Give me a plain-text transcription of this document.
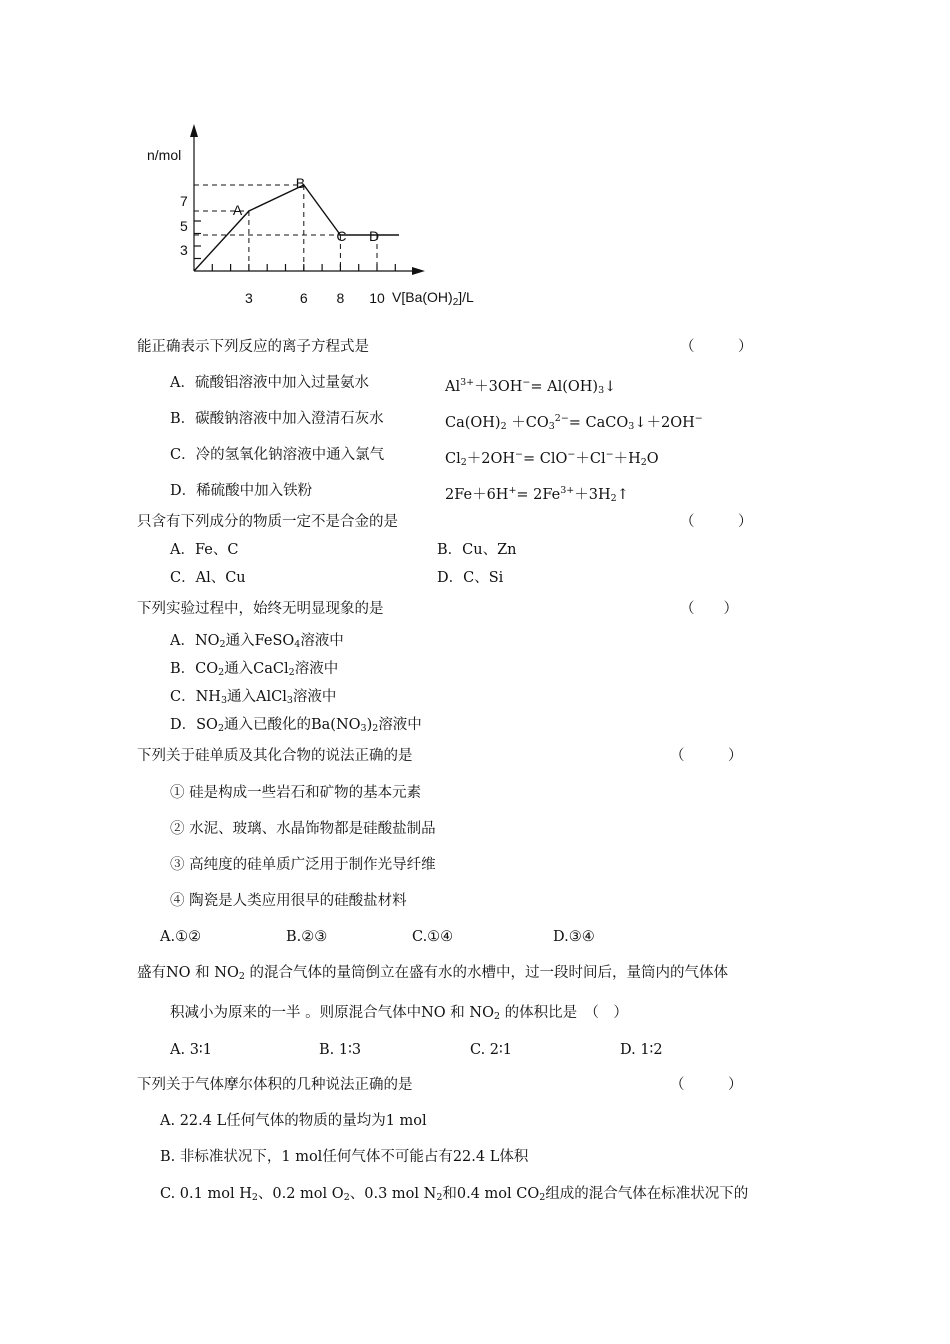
A
B
C D
3	6 8 10
3
5
7
n/mol
$V[Ba(OH)_2]/L$
能正确表示下列反应的离子方程式是	（　　　）
A．硫酸铝溶液中加入过量氨水	$Al^{3+}+3OH^-=$ $Al(OH)_3↓$
B．碳酸钠溶液中加入澄清石灰水	$Ca(OH)_2 +CO_3^{2-}=$ CaCO$_3$↓＋2OH−
C．冷的氢氧化钠溶液中通入氯气	$Cl_2+2OH^-= ClO^-+Cl^-+H_2O$
D．稀硫酸中加入铁粉	$2Fe+6H^+= 2Fe^{3+}+3H_2↑$
只含有下列成分的物质一定不是合金的是	（　　　）
A．Fe、C	B．Cu、Zn
C．Al、Cu	D．C、Si
下列实验过程中，始终无明显现象的是	（　　）
A．$NO_2$通入FeSO$_4$溶液中
B．$CO_2$通入CaCl$_2$溶液中
C．$NH_3$通入AlCl$_3$溶液中
D．$SO_2$通入已酸化的$Ba(NO_3)_2$溶液中
下列关于硅单质及其化合物的说法正确的是	（　　　）
① 硅是构成一些岩石和矿物的基本元素
② 水泥、玻璃、水晶饰物都是硅酸盐制品
③ 高纯度的硅单质广泛用于制作光导纤维
④ 陶瓷是人类应用很早的硅酸盐材料
A.①②	B.②③	C.①④	D.③④
盛有NO 和 $NO_2$ 的混合气体的量筒倒立在盛有水的水槽中，过一段时间后，量筒内的气体体
积减小为原来的一半 。则原混合气体中NO 和 $NO_2$ 的体积比是　（　）
A. 3∶1	B. 1∶3	C. 2∶1	D. 1∶2
下列关于气体摩尔体积的几种说法正确的是	（　　　）
A. 22.4 L任何气体的物质的量均为1 mol
B. 非标准状况下，1 mol任何气体不可能占有22.4 L体积
C. 0.1 mol $H_2$、0.2 mol $O_2$、0.3 mol $N_2$和0.4 mol $CO_2$组成的混合气体在标准状况下的
